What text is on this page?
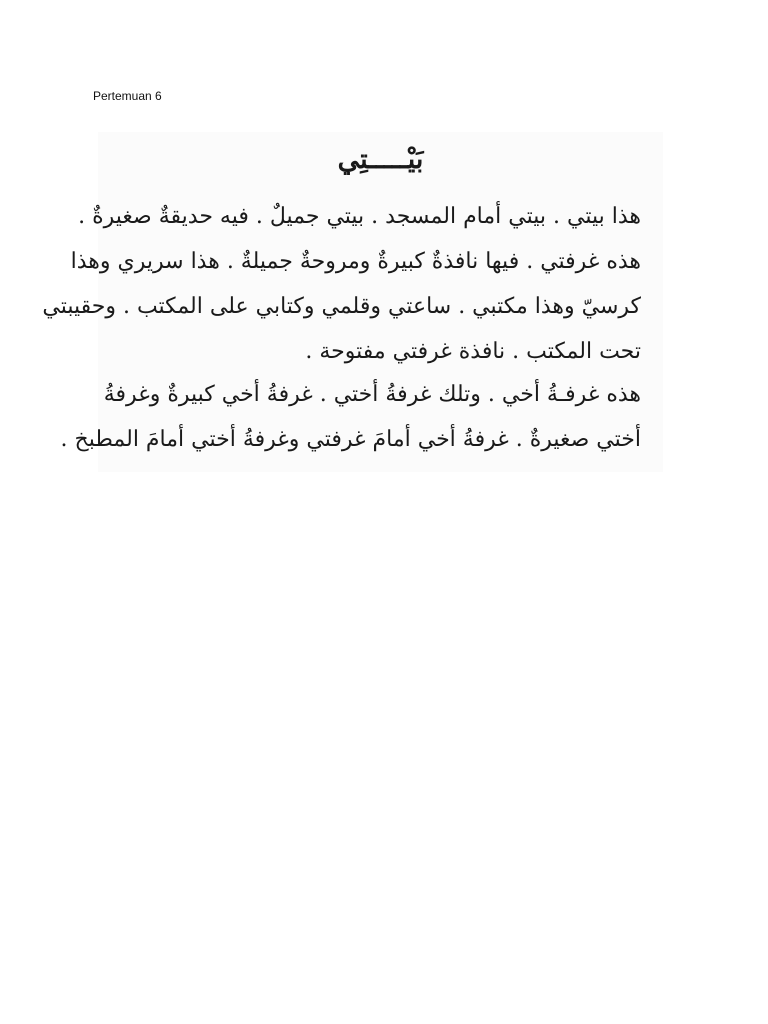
Pertemuan 6
بَيْـــــتِي
هذا بيتي . بيتي أمام المسجد . بيتي جميلٌ . فيه حديقةٌ صغيرةٌ .
هذه غرفتي . فيها نافذةٌ كبيرةٌ ومروحةٌ جميلةٌ . هذا سريري وهذا
كرسيّ وهذا مكتبي . ساعتي وقلمي وكتابي على المكتب . وحقيبتي
تحت المكتب . نافذة غرفتي مفتوحة .
هذه غرفـةُ أخي . وتلك غرفةُ أختي . غرفةُ أخي كبيرةٌ وغرفةُ
أختي صغيرةٌ . غرفةُ أخي أمامَ غرفتي وغرفةُ أختي أمامَ المطبخ .
